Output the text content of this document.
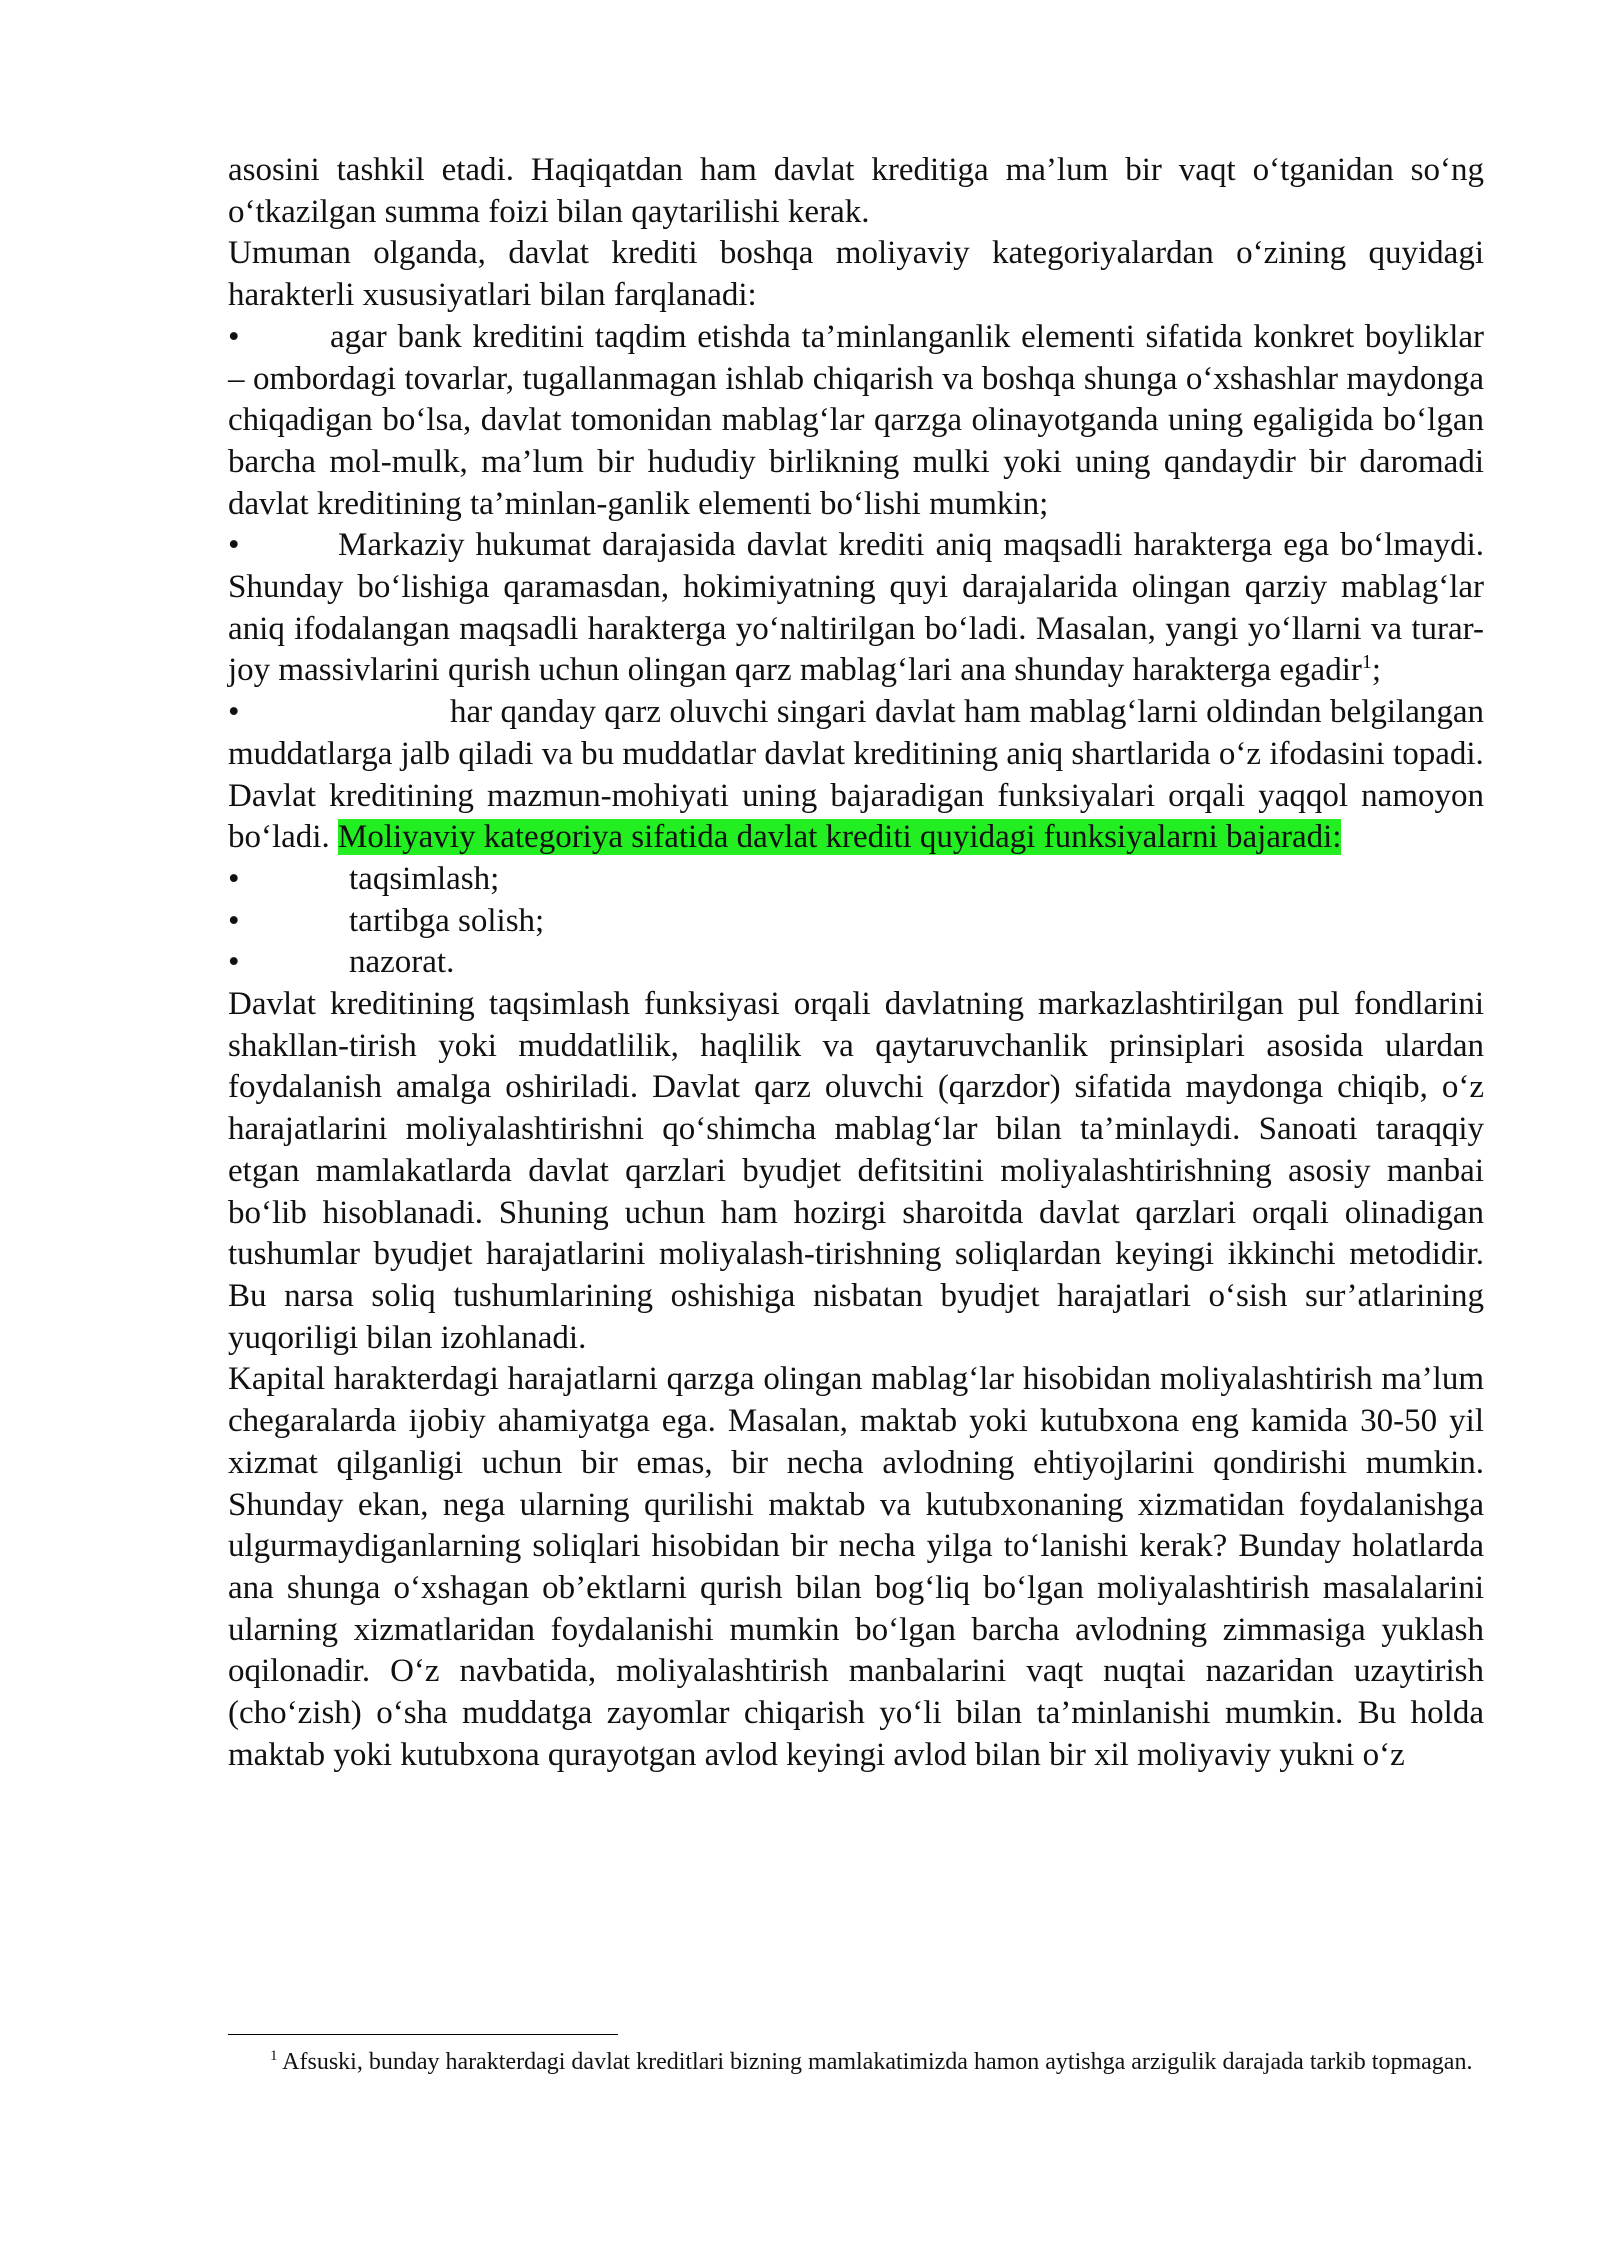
asosini tashkil etadi. Haqiqatdan ham davlat kreditiga ma’lum bir vaqt o‘tganidan so‘ng o‘tkazilgan summa foizi bilan qaytarilishi kerak.

Umuman olganda, davlat krediti boshqa moliyaviy kategoriyalardan o‘zining quyidagi harakterli xususiyatlari bilan farqlanadi:

•	agar bank kreditini taqdim etishda ta’minlanganlik elementi sifatida konkret boyliklar – ombordagi tovarlar, tugallanmagan ishlab chiqarish va boshqa shunga o‘xshashlar maydonga chiqadigan bo‘lsa, davlat tomonidan mablag‘lar qarzga olinayotganda uning egaligida bo‘lgan barcha mol-mulk, ma’lum bir hududiy birlikning mulki yoki uning qandaydir bir daromadi davlat kreditining ta’minlan-ganlik elementi bo‘lishi mumkin;

•	Markaziy hukumat darajasida davlat krediti aniq maqsadli harakterga ega bo‘lmaydi. Shunday bo‘lishiga qaramasdan, hokimiyatning quyi darajalarida olingan qarziy mablag‘lar aniq ifodalangan maqsadli harakterga yo‘naltirilgan bo‘ladi. Masalan, yangi yo‘llarni va turar-joy massivlarini qurish uchun olingan qarz mablag‘lari ana shunday harakterga egadir$^1$;

•	har qanday qarz oluvchi singari davlat ham mablag‘larni oldindan belgilangan muddatlarga jalb qiladi va bu muddatlar davlat kreditining aniq shartlarida o‘z ifodasini topadi.

Davlat kreditining mazmun-mohiyati uning bajaradigan funksiyalari orqali yaqqol namoyon bo‘ladi. Moliyaviy kategoriya sifatida davlat krediti quyidagi funksiyalarni bajaradi:

•	taqsimlash;

•	tartibga solish;

•	nazorat.

Davlat kreditining taqsimlash funksiyasi orqali davlatning markazlashtirilgan pul fondlarini shakllan-tirish yoki muddatlilik, haqlilik va qaytaruvchanlik prinsiplari asosida ulardan foydalanish amalga oshiriladi. Davlat qarz oluvchi (qarzdor) sifatida maydonga chiqib, o‘z harajatlarini moliyalashtirishni qo‘shimcha mablag‘lar bilan ta’minlaydi. Sanoati taraqqiy etgan mamlakatlarda davlat qarzlari byudjet defitsitini moliyalashtirishning asosiy manbai bo‘lib hisoblanadi. Shuning uchun ham hozirgi sharoitda davlat qarzlari orqali olinadigan tushumlar byudjet harajatlarini moliyalash-tirishning soliqlardan keyingi ikkinchi metodidir. Bu narsa soliq tushumlarining oshishiga nisbatan byudjet harajatlari o‘sish sur’atlarining yuqoriligi bilan izohlanadi.

Kapital harakterdagi harajatlarni qarzga olingan mablag‘lar hisobidan moliyalashtirish ma’lum chegaralarda ijobiy ahamiyatga ega. Masalan, maktab yoki kutubxona eng kamida 30-50 yil xizmat qilganligi uchun bir emas, bir necha avlodning ehtiyojlarini qondirishi mumkin. Shunday ekan, nega ularning qurilishi maktab va kutubxonaning xizmatidan foydalanishga ulgurmaydiganlarning soliqlari hisobidan bir necha yilga to‘lanishi kerak? Bunday holatlarda ana shunga o‘xshagan ob’ektlarni qurish bilan bog‘liq bo‘lgan moliyalashtirish masalalarini ularning xizmatlaridan foydalanishi mumkin bo‘lgan barcha avlodning zimmasiga yuklash oqilonadir. O‘z navbatida, moliyalashtirish manbalarini vaqt nuqtai nazaridan uzaytirish (cho‘zish) o‘sha muddatga zayomlar chiqarish yo‘li bilan ta’minlanishi mumkin. Bu holda maktab yoki kutubxona qurayotgan avlod keyingi avlod bilan bir xil moliyaviy yukni o‘z

$^1$ Afsuski, bunday harakterdagi davlat kreditlari bizning mamlakatimizda hamon aytishga arzigulik darajada tarkib topmagan.
